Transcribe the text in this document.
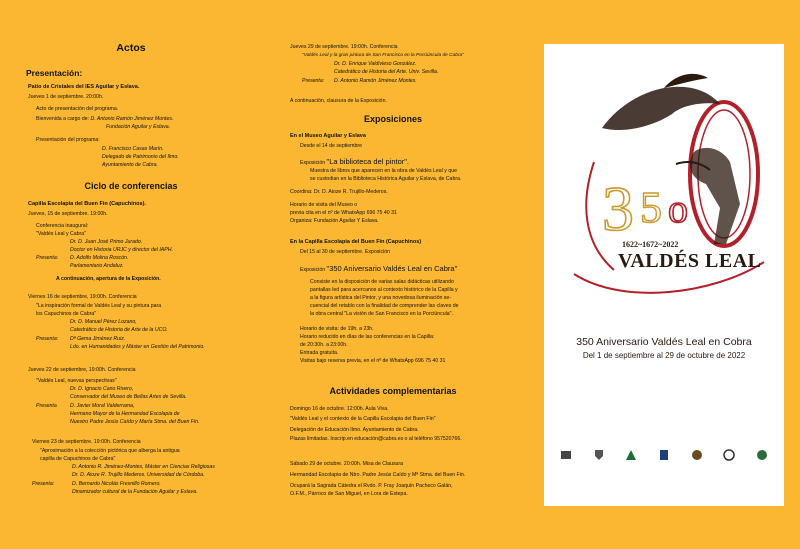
Actos
Presentación:
Patio de Cristales del IES Aguilar y Eslava.
Jueves 1 de septiembre. 20:00h.
Acto de presentación del programa.
Bienvenida a cargo de: D. Antonio Ramón Jiménez Montes.
Fundación Aguilar y Eslava.
Presentación del programa:
D. Francisco Casas Marín.
Delegado de Patrimonio del Ilmo.
Ayuntamiento de Cabra.
Ciclo de conferencias
Capilla Escolapia del Buen Fin (Capuchinos).
Jueves, 15 de septiembre. 19:00h.
Conferencia inaugural:
"Valdés Leal y Cabra"
Dr. D. Juan José Primo Jurado.
Doctor en Historia URJC y director del IAPH.
Presenta: D. Adolfo Molina Roscón.
Parlamentario Andaluz.
A continuación, apertura de la Exposición.
Viernes 16 de septiembre, 19:00h. Conferencia
"La inspiración formal de Valdés Leal y su pintura para
los Capuchinos de Cabra"
Dr. D. Manuel Pérez Lozano,
Catedrático de Historia de Arte de la UCO.
Presenta: Dª Gema Jiménez Ruiz.
Ldo. en Humanidades y Máster en Gestión del Patrimonio.
Jueves 22 de septiembre, 19:00h. Conferencia
"Valdés Leal, nuevas perspectivas"
Dr. D. Ignacio Cano Rivero,
Conservador del Museo de Bellas Artes de Sevilla.
Presenta	D. Javier Moral Valderrama,
Hermano Mayor de la Hermandad Escolapia de
Nuestro Padre Jesús Caído y María Stma. del Buen Fin.
Viernes 23 de septiembre. 19:00h. Conferencia
"Aproximación a la colección pictórica que alberga la antigua
capilla de Capuchinos de Cabra"
D. Antonio R. Jiménez-Montes, Máster en Ciencias Religiosas
Dr. D. Aioze R. Trujillo Mederos. Universidad de Córdoba.
Presenta:	D. Bernardo Nicolás Fresnillo Romero.
Dinamizador cultural de la Fundación Aguilar y Eslava.
Jueves 29 de septiembre. 19:00h. Conferencia
"Valdés Leal y la gran pintura de San Francisco en la Porciúncula de Cabra"
Dr. D. Enrique Valdivieso González.
Catedrático de Historia del Arte. Univ. Sevilla.
Presenta: D. Antonio Ramón Jiménez Montes.
A continuación, clausura de la Exposición.
Exposiciones
En el Museo Aguilar y Eslava
Desde el 14 de septiembre
Exposición "La biblioteca del pintor".
Muestra de libros que aparecen en la obra de Valdés Leal y que
se custodian en la Biblioteca Histórica Aguilar y Eslava, de Cabra.
Coordina: Dr. D. Aioze R. Trujillo-Mederos.
Horario de visita del Museo o
previa cita en el nº de WhatsApp 696 75 40 31
Organiza: Fundación Aguilar Y Eslava.
En la Capilla Escolapia del Buen Fin (Capuchinos)
Del 15 al 30 de septiembre. Exposición
Exposición "350 Aniversario Valdés Leal en Cabra"
Consiste en la disposición de varias salas didácticas utilizando
pantallas led para acercanos al contexto histórico de la Capilla y
a la figura artística del Pintor, y una novedosa iluminación se-
cuencial del retablo con la finalidad de comprender las claves de
la obra central "La visión de San Francisco en la Porciúncula".
Horario de visita: de 19h. a 23h.
Horario reducido en días de las conferencias en la Capilla:
de 20:30h. a 23:00h.
Entrada gratuita.
Visitas bajo reserva previa, en el nº de WhatsApp 696 75 40 31
Actividades complementarias
Domingo 16 de octubre. 12:00h. Aula Viva.
"Valdés Leal y el contexto de la Capilla Escolapia del Buen Fin"
Delegación de Educación Ilmo. Ayuntamiento de Cabra.
Plazas limitadas. Inscrip.en educación@cabra.es o al teléfono 957520766.
Sábado 29 de octubre. 20:00h. Misa de Clausura
Hermandad Escolapia de Ntro. Padre Jesús Caído y Mª Stma. del Buen Fin.
Ocupará la Sagrada Cátedra el Rvdo. P. Fray Joaquín Pacheco Galán,
O.F.M., Párroco de San Miguel, en Lora de Estepa.
3 5 o
1622~1672~2022
VALDÉS LEAL
350 Aniversario Valdés Leal en Cobra
Del 1 de septiembre al 29 de octubre de 2022
